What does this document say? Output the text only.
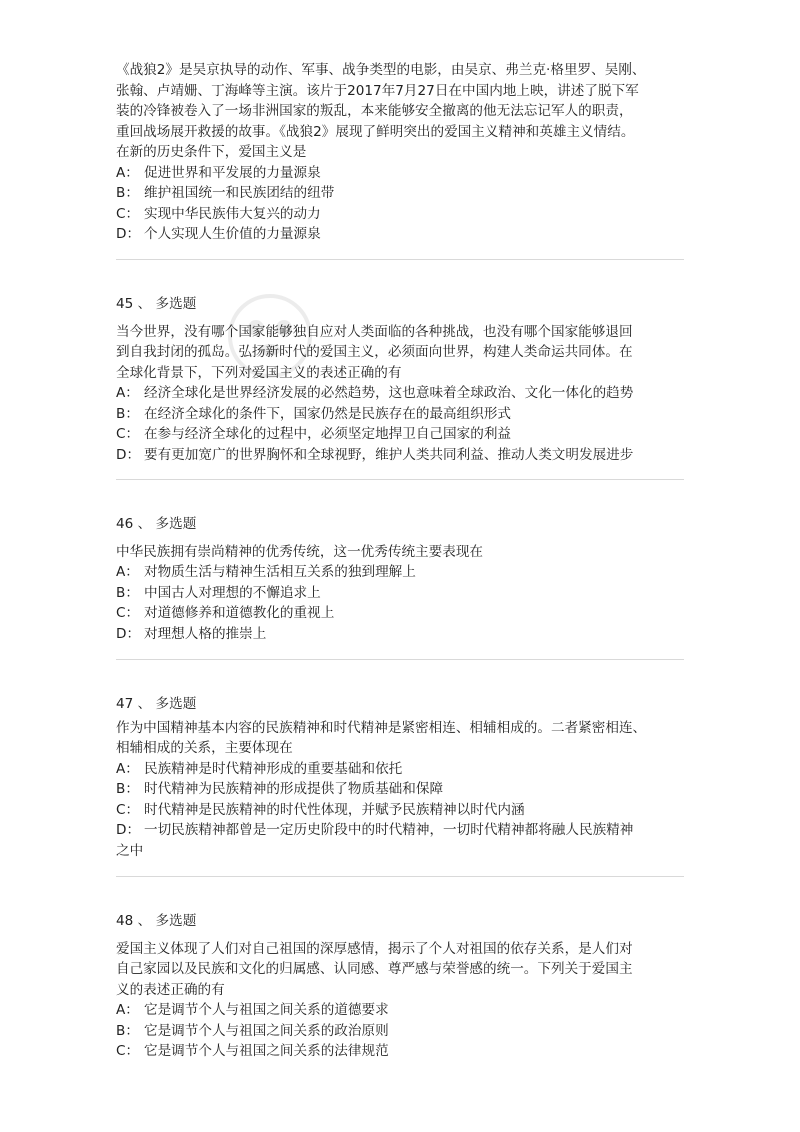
《战狼2》是吴京执导的动作、军事、战争类型的电影，由吴京、弗兰克·格里罗、吴刚、
张翰、卢靖姗、丁海峰等主演。该片于2017年7月27日在中国内地上映，讲述了脱下军
装的冷锋被卷入了一场非洲国家的叛乱，本来能够安全撤离的他无法忘记军人的职责，
重回战场展开救援的故事。《战狼2》展现了鲜明突出的爱国主义精神和英雄主义情结。
在新的历史条件下，爱国主义是
A： 促进世界和平发展的力量源泉
B： 维护祖国统一和民族团结的纽带
C： 实现中华民族伟大复兴的动力
D： 个人实现人生价值的力量源泉
45 、 多选题
当今世界，没有哪个国家能够独自应对人类面临的各种挑战，也没有哪个国家能够退回
到自我封闭的孤岛。弘扬新时代的爱国主义，必须面向世界，构建人类命运共同体。在
全球化背景下，下列对爱国主义的表述正确的有
A： 经济全球化是世界经济发展的必然趋势，这也意味着全球政治、文化一体化的趋势
B： 在经济全球化的条件下，国家仍然是民族存在的最高组织形式
C： 在参与经济全球化的过程中，必须坚定地捍卫自己国家的利益
D： 要有更加宽广的世界胸怀和全球视野，维护人类共同利益、推动人类文明发展进步
46 、 多选题
中华民族拥有崇尚精神的优秀传统，这一优秀传统主要表现在
A： 对物质生活与精神生活相互关系的独到理解上
B： 中国古人对理想的不懈追求上
C： 对道德修养和道德教化的重视上
D： 对理想人格的推崇上
47 、 多选题
作为中国精神基本内容的民族精神和时代精神是紧密相连、相辅相成的。二者紧密相连、
相辅相成的关系，主要体现在
A： 民族精神是时代精神形成的重要基础和依托
B： 时代精神为民族精神的形成提供了物质基础和保障
C： 时代精神是民族精神的时代性体现，并赋予民族精神以时代内涵
D： 一切民族精神都曾是一定历史阶段中的时代精神，一切时代精神都将融人民族精神
之中
48 、 多选题
爱国主义体现了人们对自己祖国的深厚感情，揭示了个人对祖国的依存关系，是人们对
自己家园以及民族和文化的归属感、认同感、尊严感与荣誉感的统一。下列关于爱国主
义的表述正确的有
A： 它是调节个人与祖国之间关系的道德要求
B： 它是调节个人与祖国之间关系的政治原则
C： 它是调节个人与祖国之间关系的法律规范
